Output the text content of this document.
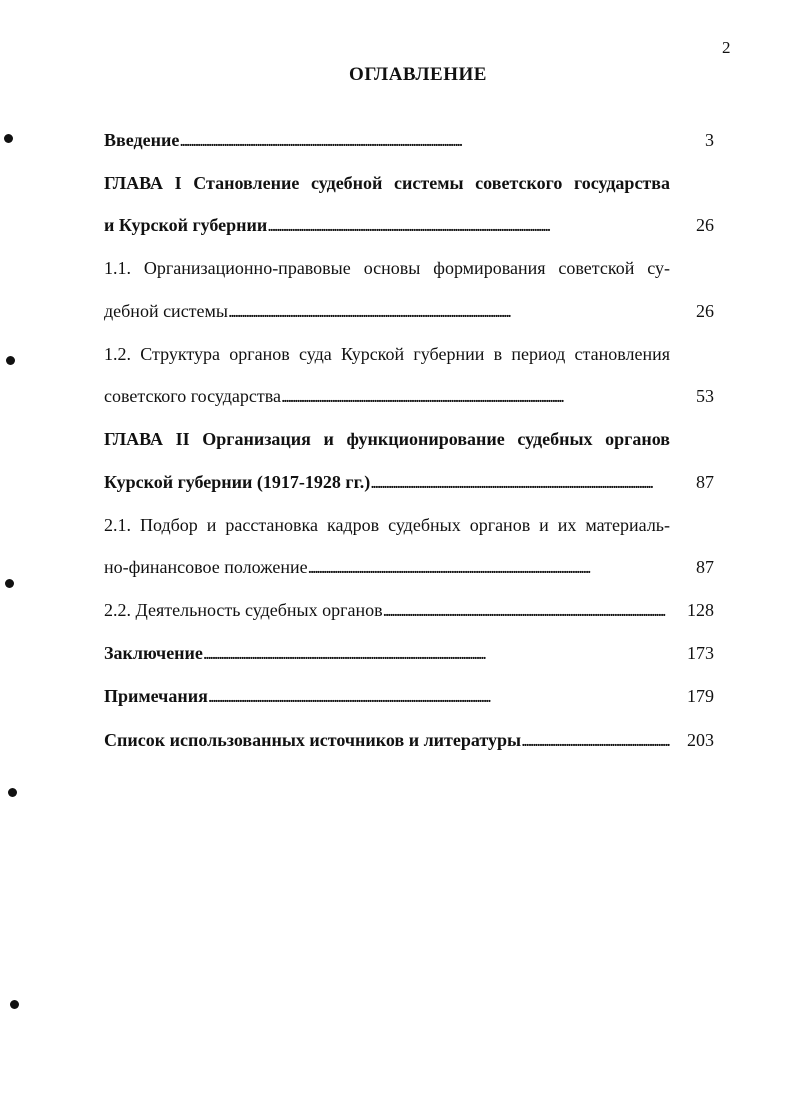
2
ОГЛАВЛЕНИЕ
Введение . . .	3
ГЛАВА I Становление судебной системы советского государства
и Курской губернии . . .	26
1.1. Организационно-правовые основы формирования советской су-
дебной системы . . .	26
1.2. Структура органов суда Курской губернии в период становления
советского государства . . .	53
ГЛАВА II Организация и функционирование судебных органов
Курской губернии (1917-1928 гг.) . . .	87
2.1. Подбор и расстановка кадров судебных органов и их материаль-
но-финансовое положение . . .	87
2.2. Деятельность судебных органов . . .	128
Заключение . . .	173
Примечания . . .	179
Список использованных источников и литературы . . .	203
